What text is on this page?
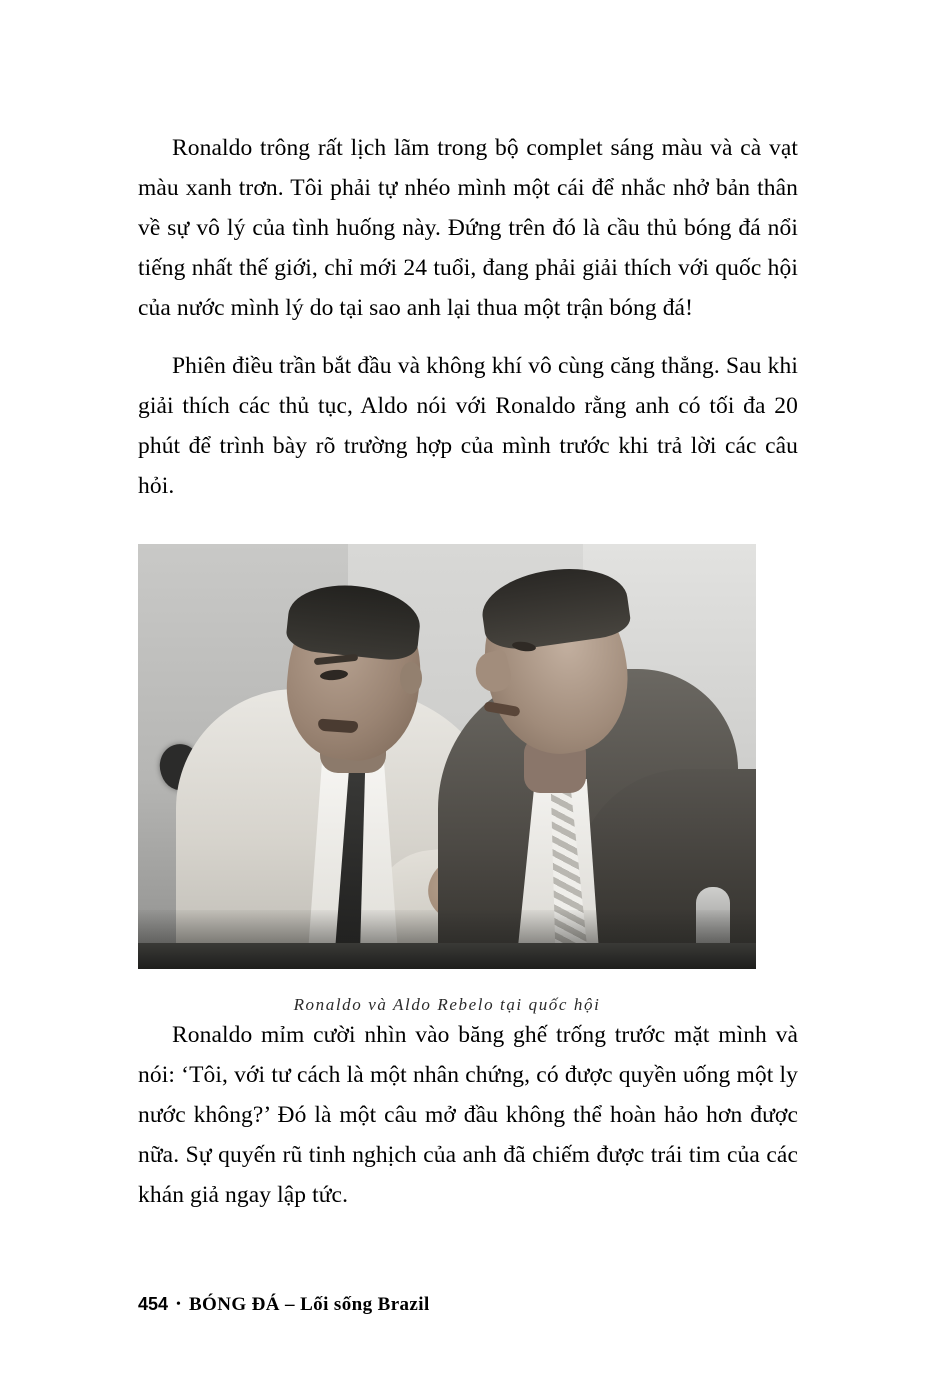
Ronaldo trông rất lịch lãm trong bộ complet sáng màu và cà vạt màu xanh trơn. Tôi phải tự nhéo mình một cái để nhắc nhở bản thân về sự vô lý của tình huống này. Đứng trên đó là cầu thủ bóng đá nổi tiếng nhất thế giới, chỉ mới 24 tuổi, đang phải giải thích với quốc hội của nước mình lý do tại sao anh lại thua một trận bóng đá!

Phiên điều trần bắt đầu và không khí vô cùng căng thẳng. Sau khi giải thích các thủ tục, Aldo nói với Ronaldo rằng anh có tối đa 20 phút để trình bày rõ trường hợp của mình trước khi trả lời các câu hỏi.

Ronaldo và Aldo Rebelo tại quốc hội

Ronaldo mỉm cười nhìn vào băng ghế trống trước mặt mình và nói: ‘Tôi, với tư cách là một nhân chứng, có được quyền uống một ly nước không?’ Đó là một câu mở đầu không thể hoàn hảo hơn được nữa. Sự quyến rũ tinh nghịch của anh đã chiếm được trái tim của các khán giả ngay lập tức.

454 • BÓNG ĐÁ – Lối sống Brazil
